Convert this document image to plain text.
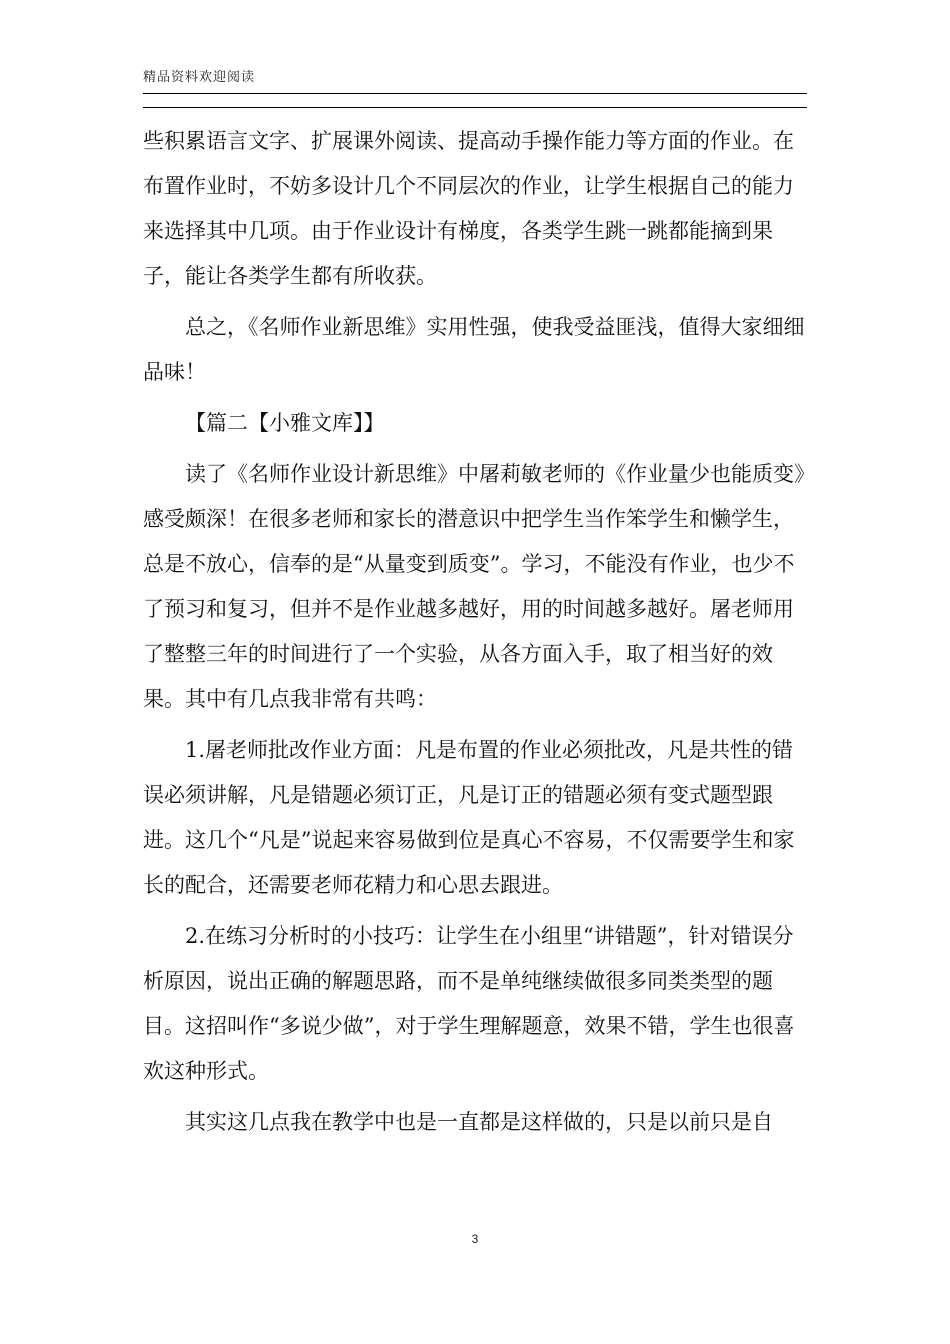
精品资料欢迎阅读

些积累语言文字、扩展课外阅读、提高动手操作能力等方面的作业。在布置作业时，不妨多设计几个不同层次的作业，让学生根据自己的能力来选择其中几项。由于作业设计有梯度，各类学生跳一跳都能摘到果子，能让各类学生都有所收获。

总之，《名师作业新思维》实用性强，使我受益匪浅，值得大家细细品味！

【篇二【小雅文库】】

读了《名师作业设计新思维》中屠莉敏老师的《作业量少也能质变》感受颇深！在很多老师和家长的潜意识中把学生当作笨学生和懒学生，总是不放心，信奉的是“从量变到质变”。学习，不能没有作业，也少不了预习和复习，但并不是作业越多越好，用的时间越多越好。屠老师用了整整三年的时间进行了一个实验，从各方面入手，取了相当好的效果。其中有几点我非常有共鸣：

1.屠老师批改作业方面：凡是布置的作业必须批改，凡是共性的错误必须讲解，凡是错题必须订正，凡是订正的错题必须有变式题型跟进。这几个“凡是”说起来容易做到位是真心不容易，不仅需要学生和家长的配合，还需要老师花精力和心思去跟进。

2.在练习分析时的小技巧：让学生在小组里“讲错题”，针对错误分析原因，说出正确的解题思路，而不是单纯继续做很多同类类型的题目。这招叫作“多说少做”，对于学生理解题意，效果不错，学生也很喜欢这种形式。

其实这几点我在教学中也是一直都是这样做的，只是以前只是自

3
